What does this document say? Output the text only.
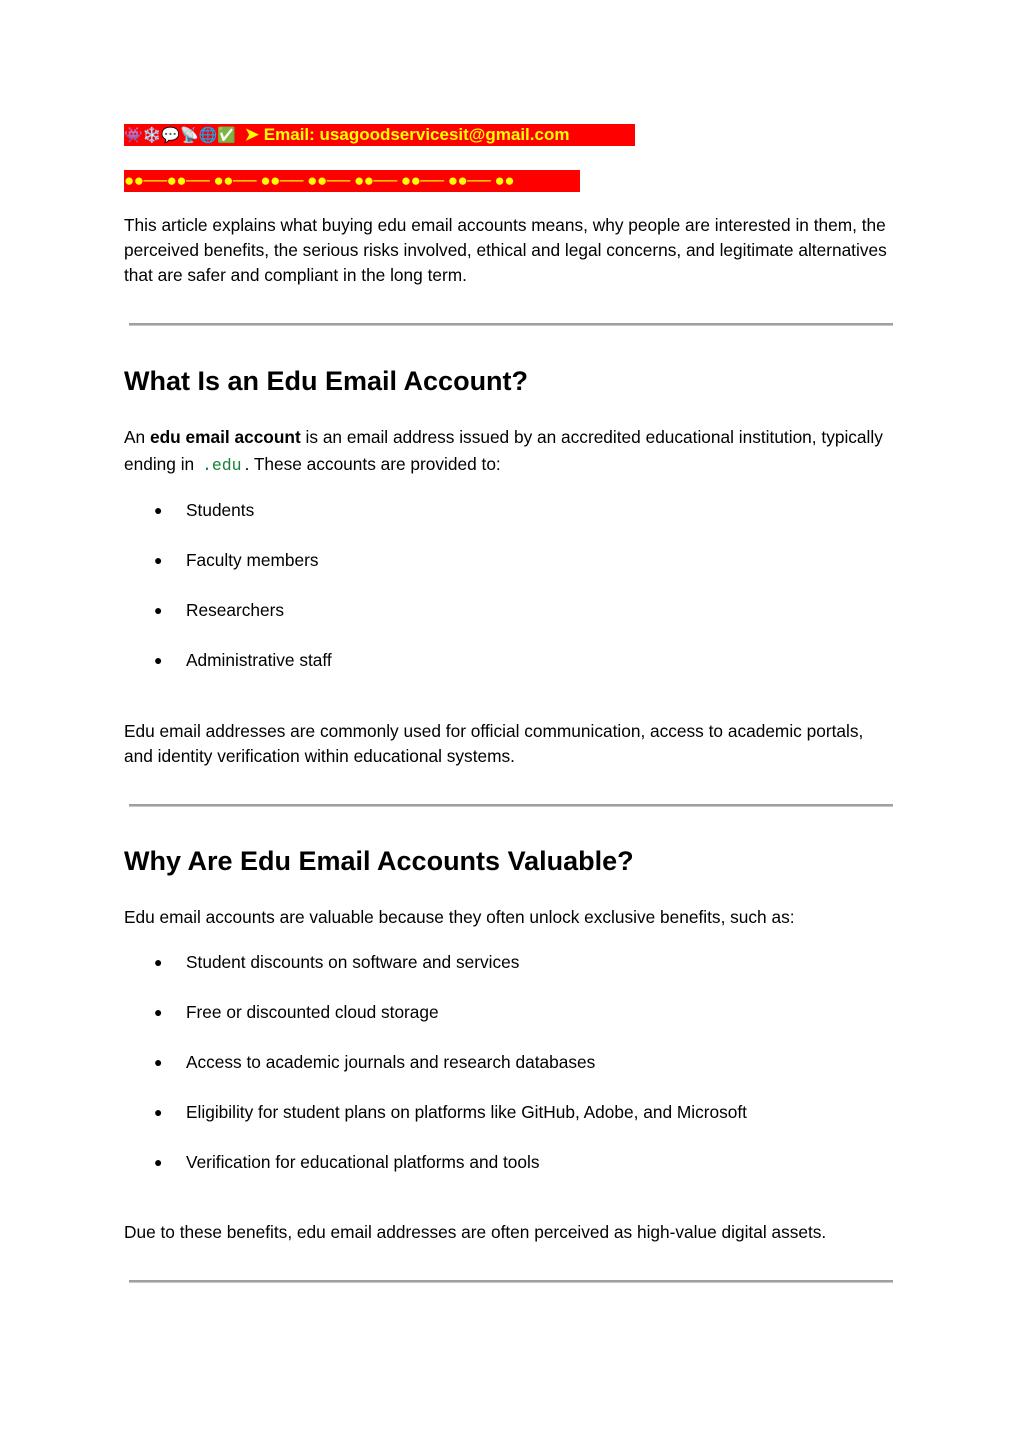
👾❄️💬📡🌐✅ ➤ Email: usagoodservicesit@gmail.com
●●──●●── ●●── ●●── ●●── ●●── ●●── ●●── ●●

This article explains what buying edu email accounts means, why people are interested in them, the perceived benefits, the serious risks involved, ethical and legal concerns, and legitimate alternatives that are safer and compliant in the long term.

What Is an Edu Email Account?

An edu email account is an email address issued by an accredited educational institution, typically ending in .edu . These accounts are provided to:

● Students
● Faculty members
● Researchers
● Administrative staff

Edu email addresses are commonly used for official communication, access to academic portals, and identity verification within educational systems.

Why Are Edu Email Accounts Valuable?

Edu email accounts are valuable because they often unlock exclusive benefits, such as:

● Student discounts on software and services
● Free or discounted cloud storage
● Access to academic journals and research databases
● Eligibility for student plans on platforms like GitHub, Adobe, and Microsoft
● Verification for educational platforms and tools

Due to these benefits, edu email addresses are often perceived as high-value digital assets.
